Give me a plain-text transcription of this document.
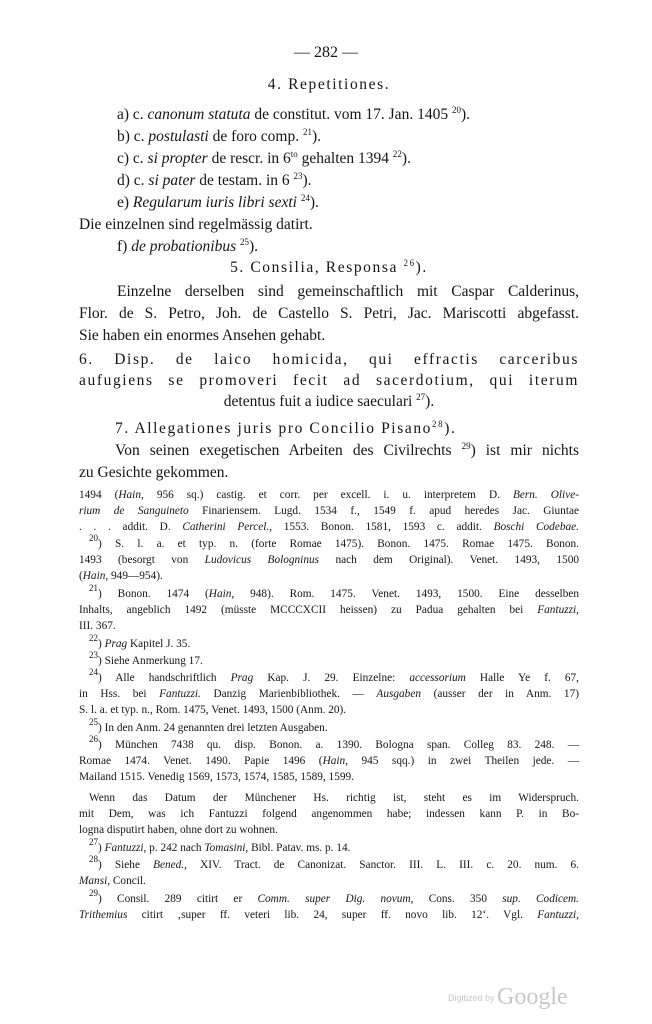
— 282 —
4. Repetitiones.
a) c. canonum statuta de constitut. vom 17. Jan. 1405 $^{20}$).
b) c. postulasti de foro comp. $^{21}$).
c) c. si propter de rescr. in $6^{to}$ gehalten 1394 $^{22}$).
d) c. si pater de testam. in 6 $^{23}$).
e) Regularum iuris libri sexti $^{24}$).
Die einzelnen sind regelmässig datirt.
f) de probationibus $^{25}$).
5. Consilia, Responsa $^{26}$).
Einzelne derselben sind gemeinschaftlich mit Caspar Calderinus,
Flor. de S. Petro, Joh. de Castello S. Petri, Jac. Mariscotti abgefasst.
Sie haben ein enormes Ansehen gehabt.
6. Disp. de laico homicida, qui effractis carceribus
aufugiens se promoveri fecit ad sacerdotium, qui iterum
detentus fuit a iudice saeculari $^{27}$).
7. Allegationes juris pro Concilio Pisano$^{28}$).
Von seinen exegetischen Arbeiten des Civilrechts $^{29}$) ist mir nichts
zu Gesichte gekommen.
1494 (Hain, 956 sq.) castig. et corr. per excell. i. u. interpretem D. Bern. Olive-
rium de Sanguineto Finariensem. Lugd. 1534 f., 1549 f. apud heredes Jac. Giuntae
. . . addit. D. Catherini Percel., 1553. Bonon. 1581, 1593 c. addit. Boschi Codebae.
$^{20}$) S. l. a. et typ. n. (forte Romae 1475). Bonon. 1475. Romae 1475. Bonon.
1493 (besorgt von Ludovicus Bologninus nach dem Original). Venet. 1493, 1500
(Hain, 949—954).
$^{21}$) Bonon. 1474 (Hain, 948). Rom. 1475. Venet. 1493, 1500. Eine desselben
Inhalts, angeblich 1492 (müsste MCCCXCII heissen) zu Padua gehalten bei Fantuzzi,
III. 367.
$^{22}$) Prag Kapitel J. 35.
$^{23}$) Siehe Anmerkung 17.
$^{24}$) Alle handschriftlich Prag Kap. J. 29. Einzelne: accessorium Halle Ye f. 67,
in Hss. bei Fantuzzi. Danzig Marienbibliothek. — Ausgaben (ausser der in Anm. 17)
S. l. a. et typ. n., Rom. 1475, Venet. 1493, 1500 (Anm. 20).
$^{25}$) In den Anm. 24 genannten drei letzten Ausgaben.
$^{26}$) München 7438 qu. disp. Bonon. a. 1390. Bologna span. Colleg 83. 248. —
Romae 1474. Venet. 1490. Papie 1496 (Hain, 945 sqq.) in zwei Theilen jede. —
Mailand 1515. Venedig 1569, 1573, 1574, 1585, 1589, 1599.
Wenn das Datum der Münchener Hs. richtig ist, steht es im Widerspruch.
mit Dem, was ich Fantuzzi folgend angenommen habe; indessen kann P. in Bo-
logna disputirt haben, ohne dort zu wohnen.
$^{27}$) Fantuzzi, p. 242 nach Tomasini, Bibl. Patav. ms. p. 14.
$^{28}$) Siehe Bened., XIV. Tract. de Canonizat. Sanctor. III. L. III. c. 20. num. 6.
Mansi, Concil.
$^{29}$) Consil. 289 citirt er Comm. super Dig. novum, Cons. 350 sup. Codicem.
Trithemius citirt ‚super ff. veteri lib. 24, super ff. novo lib. 12‘. Vgl. Fantuzzi,
Digitized by Google
